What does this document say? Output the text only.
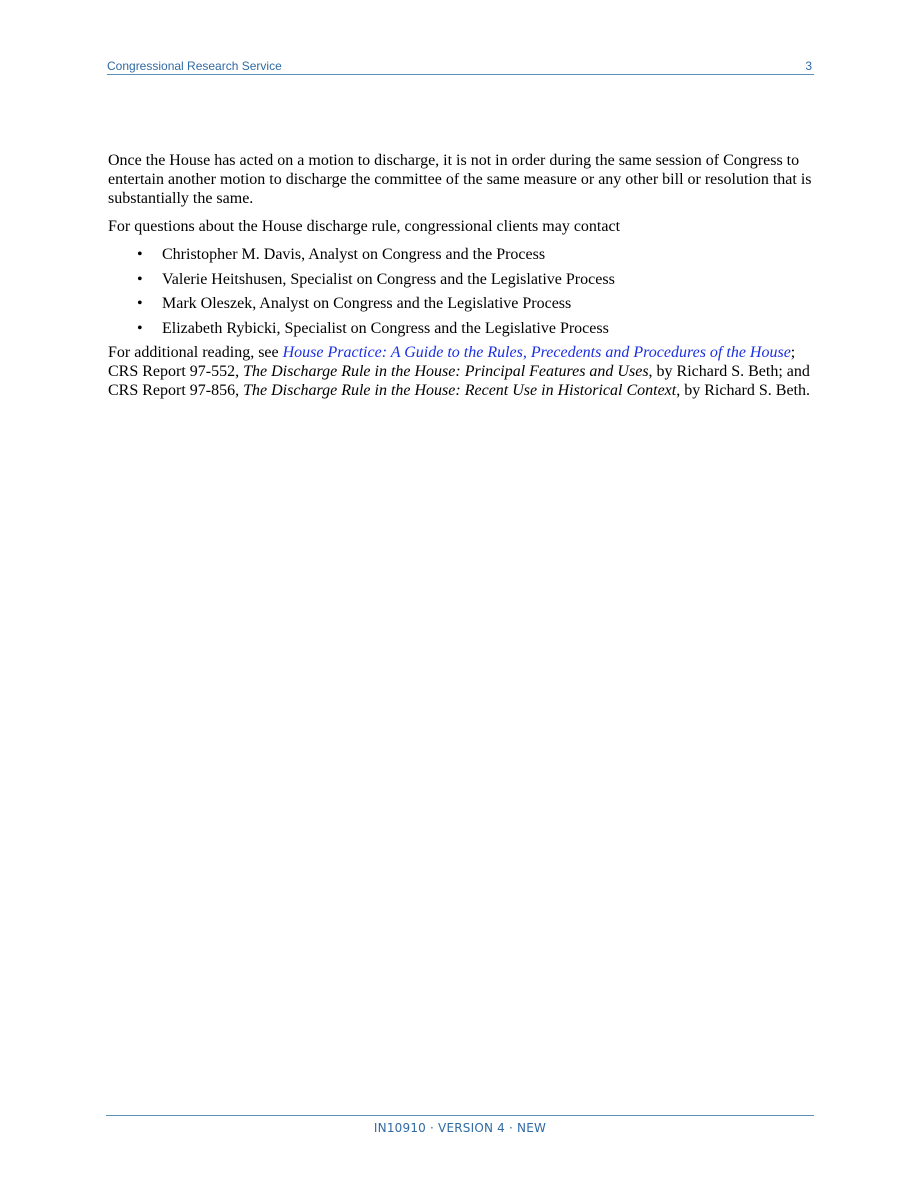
Congressional Research Service	3

Once the House has acted on a motion to discharge, it is not in order during the same session of Congress to entertain another motion to discharge the committee of the same measure or any other bill or resolution that is substantially the same.

For questions about the House discharge rule, congressional clients may contact

• Christopher M. Davis, Analyst on Congress and the Process
• Valerie Heitshusen, Specialist on Congress and the Legislative Process
• Mark Oleszek, Analyst on Congress and the Legislative Process
• Elizabeth Rybicki, Specialist on Congress and the Legislative Process

For additional reading, see House Practice: A Guide to the Rules, Precedents and Procedures of the House; CRS Report 97-552, The Discharge Rule in the House: Principal Features and Uses, by Richard S. Beth; and CRS Report 97-856, The Discharge Rule in the House: Recent Use in Historical Context, by Richard S. Beth.

IN10910 · VERSION 4 · NEW
